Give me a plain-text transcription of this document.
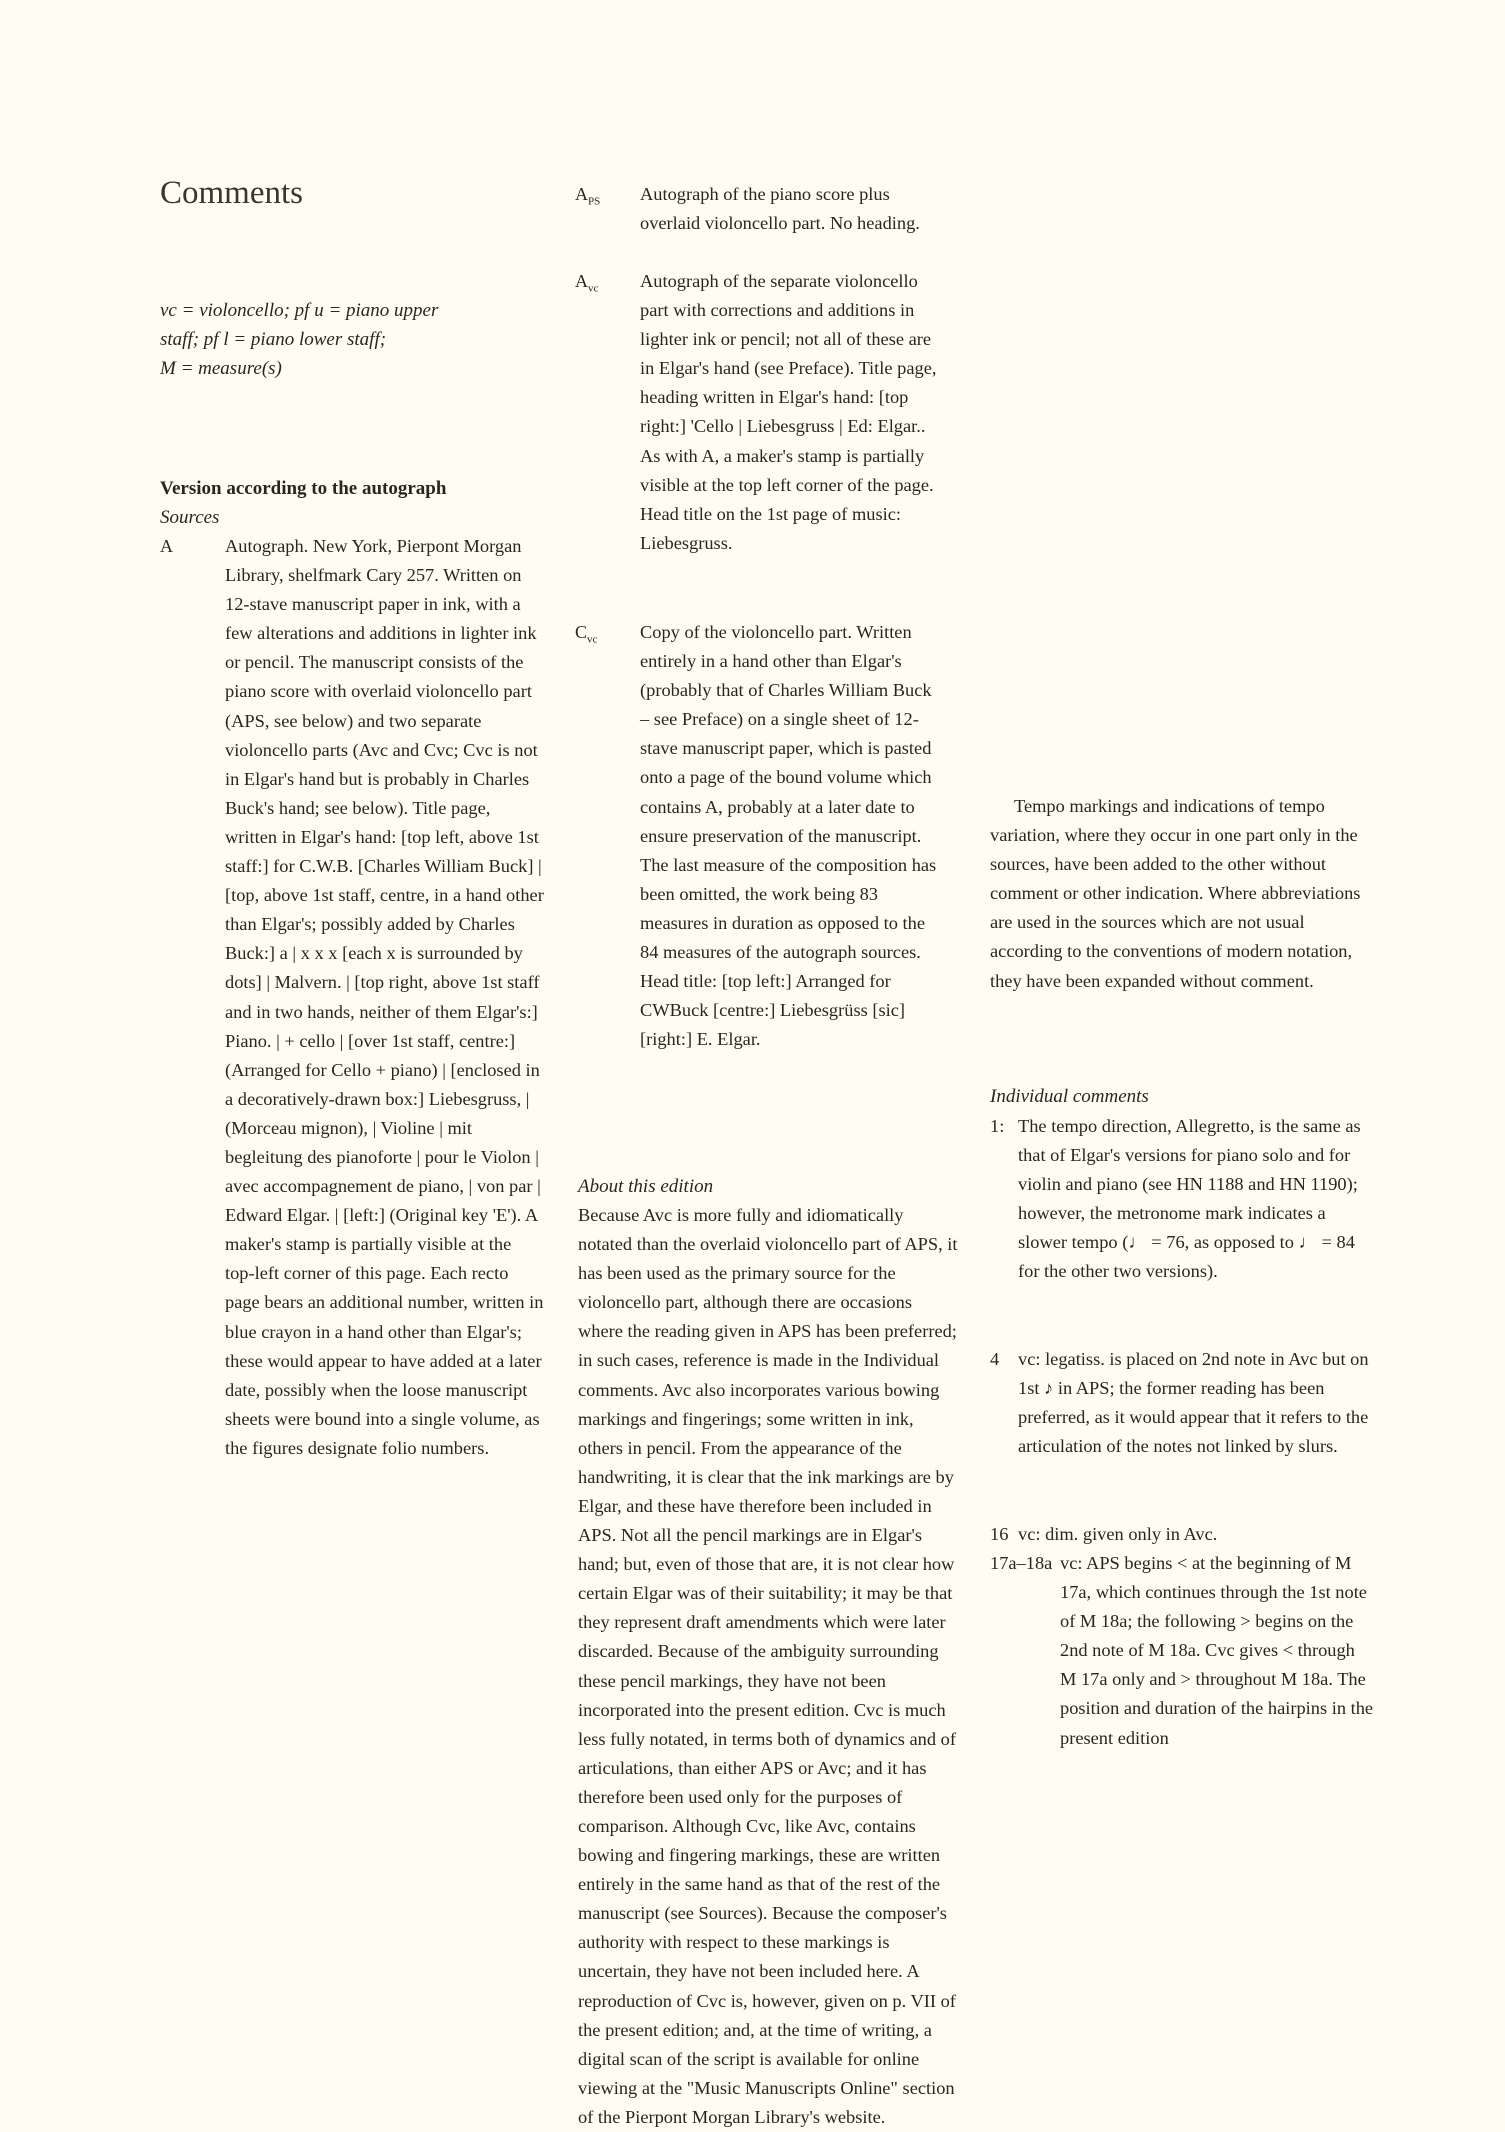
Comments
vc = violoncello; pf u = piano upper
staff; pf l = piano lower staff;
M = measure(s)
Version according to the autograph
Sources
A	Autograph. New York, Pierpont Morgan Library, shelfmark Cary 257. Written on 12-stave manuscript paper in ink, with a few alterations and additions in lighter ink or pencil. The manuscript consists of the piano score with overlaid violoncello part (APS, see below) and two separate violoncello parts (Avc and Cvc; Cvc is not in Elgar's hand but is probably in Charles Buck's hand; see below). Title page, written in Elgar's hand: [top left, above 1st staff:] for C.W.B. [Charles William Buck] | [top, above 1st staff, centre, in a hand other than Elgar's; possibly added by Charles Buck:] a | x x x [each x is surrounded by dots] | Malvern. | [top right, above 1st staff and in two hands, neither of them Elgar's:] Piano. | + cello | [over 1st staff, centre:] (Arranged for Cello + piano) | [enclosed in a decoratively-drawn box:] Liebesgruss, | (Morceau mignon), | Violine | mit begleitung des pianoforte | pour le Violon | avec accompagnement de piano, | von par | Edward Elgar. | [left:] (Original key 'E'). A maker's stamp is partially visible at the top-left corner of this page. Each recto page bears an additional number, written in blue crayon in a hand other than Elgar's; these would appear to have added at a later date, possibly when the loose manuscript sheets were bound into a single volume, as the figures designate folio numbers.
$A_{PS}$ Autograph of the piano score plus overlaid violoncello part. No heading.
$A_{vc}$ Autograph of the separate violoncello part with corrections and additions in lighter ink or pencil; not all of these are in Elgar's hand (see Preface). Title page, heading written in Elgar's hand: [top right:] 'Cello | Liebesgruss | Ed: Elgar.. As with A, a maker's stamp is partially visible at the top left corner of the page. Head title on the 1st page of music: Liebesgruss.
$C_{vc}$ Copy of the violoncello part. Written entirely in a hand other than Elgar's (probably that of Charles William Buck – see Preface) on a single sheet of 12-stave manuscript paper, which is pasted onto a page of the bound volume which contains A, probably at a later date to ensure preservation of the manuscript. The last measure of the composition has been omitted, the work being 83 measures in duration as opposed to the 84 measures of the autograph sources. Head title: [top left:] Arranged for CWBuck [centre:] Liebesgrüss [sic] [right:] E. Elgar.
About this edition
Because Avc is more fully and idiomatically notated than the overlaid violoncello part of APS, it has been used as the primary source for the violoncello part, although there are occasions where the reading given in APS has been preferred; in such cases, reference is made in the Individual comments. Avc also incorporates various bowing markings and fingerings; some written in ink, others in pencil. From the appearance of the handwriting, it is clear that the ink markings are by Elgar, and these have therefore been included in APS. Not all the pencil markings are in Elgar's hand; but, even of those that are, it is not clear how certain Elgar was of their suitability; it may be that they represent draft amendments which were later discarded. Because of the ambiguity surrounding these pencil markings, they have not been incorporated into the present edition. Cvc is much less fully notated, in terms both of dynamics and of articulations, than either APS or Avc; and it has therefore been used only for the purposes of comparison. Although Cvc, like Avc, contains bowing and fingering markings, these are written entirely in the same hand as that of the rest of the manuscript (see Sources). Because the composer's authority with respect to these markings is uncertain, they have not been included here. A reproduction of Cvc is, however, given on p. VII of the present edition; and, at the time of writing, a digital scan of the script is available for online viewing at the "Music Manuscripts Online" section of the Pierpont Morgan Library's website.
Tempo markings and indications of tempo variation, where they occur in one part only in the sources, have been added to the other without comment or other indication. Where abbreviations are used in the sources which are not usual according to the conventions of modern notation, they have been expanded without comment.
Individual comments
1: The tempo direction, Allegretto, is the same as that of Elgar's versions for piano solo and for violin and piano (see HN 1188 and HN 1190); however, the metronome mark indicates a slower tempo (♩ = 76, as opposed to ♩ = 84 for the other two versions).
4 vc: legatiss. is placed on 2nd note in Avc but on 1st ♪ in APS; the former reading has been preferred, as it would appear that it refers to the articulation of the notes not linked by slurs.
16 vc: dim. given only in Avc.
17a–18a vc: APS begins < at the beginning of M 17a, which continues through the 1st note of M 18a; the following > begins on the 2nd note of M 18a. Cvc gives < through M 17a only and > throughout M 18a. The position and duration of the hairpins in the present edition
